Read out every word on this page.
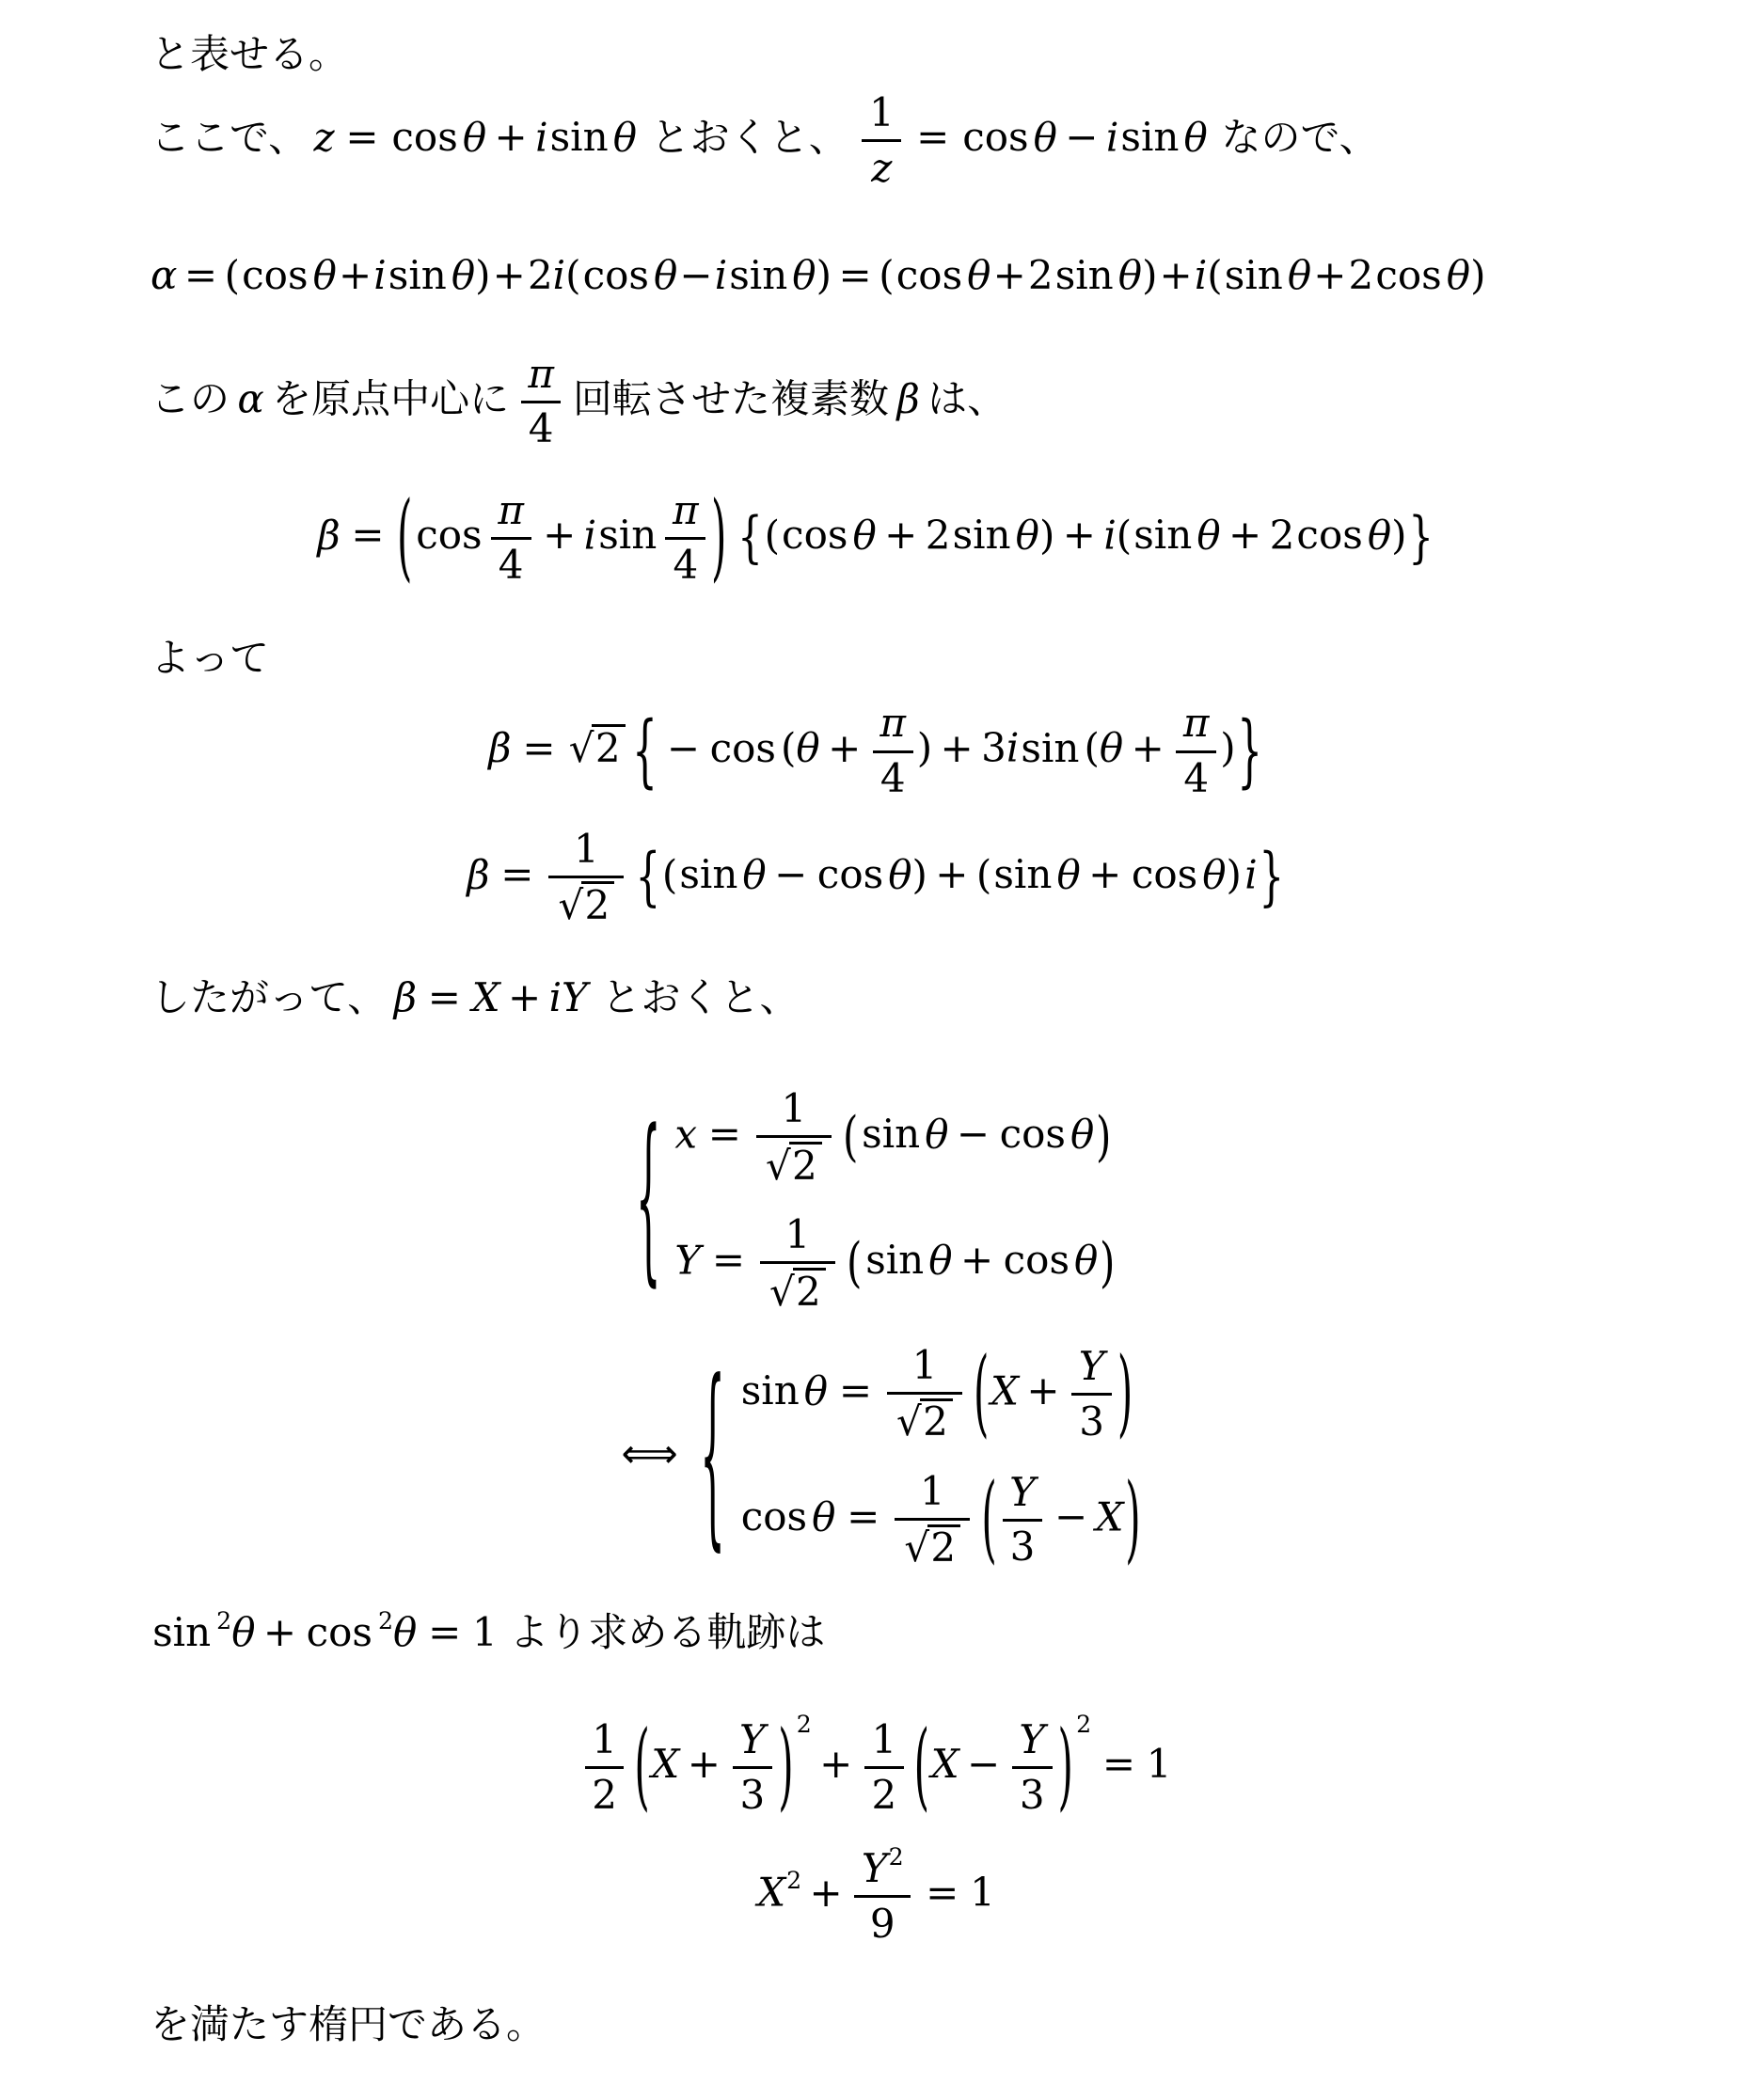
と表せる。
ここで、 z = cos θ + isin θ とおくと、 $\frac{1}{z} = \cos \theta - isin$ θ なので、
α = (cos θ+isin θ)+2i(cos θ−isin θ) = (cos θ+2sin θ)+i(sin θ+2cos θ)
この α を原点中心に $\frac{\pi}{4}$ 回転させた複素数 β は、
$\beta = (\cos \frac{\pi}{4} + isin \frac{\pi}{4}$ ) {(cos θ + 2sin θ) + i(sin θ + 2cos θ)}
よって
β = √2 { − $\cos (\theta + \frac{\pi}{4}$ ) + 3isin ($\theta + \frac{\pi}{4}$ )}
$\beta = \frac{1}{√2} \{(\sin$ θ − cos θ) + (sin θ + cos θ)i}
したがって、 β = X + iY とおくと、
{ $x = \frac{1}{√2} (\sin$ θ − cos θ)
$Y = \frac{1}{√2} (\sin$ θ + cos θ)
⟺ { $\sin \theta = \frac{1}{√2} (X + \frac{Y}{3}$ )
$\cos \theta = \frac{1}{√2}$ ( $\frac{Y}{3} - X$)
sin $^2$θ + cos $^2$θ = 1 より求める軌跡は
$\frac{1}{2} (X + \frac{Y}{3}$ ) $^2+ \frac{1}{2} (X - \frac{Y}{3}$ ) $^2$= 1
$X^2 + \frac{Y^2}{9} = 1$
を満たす楕円である。
